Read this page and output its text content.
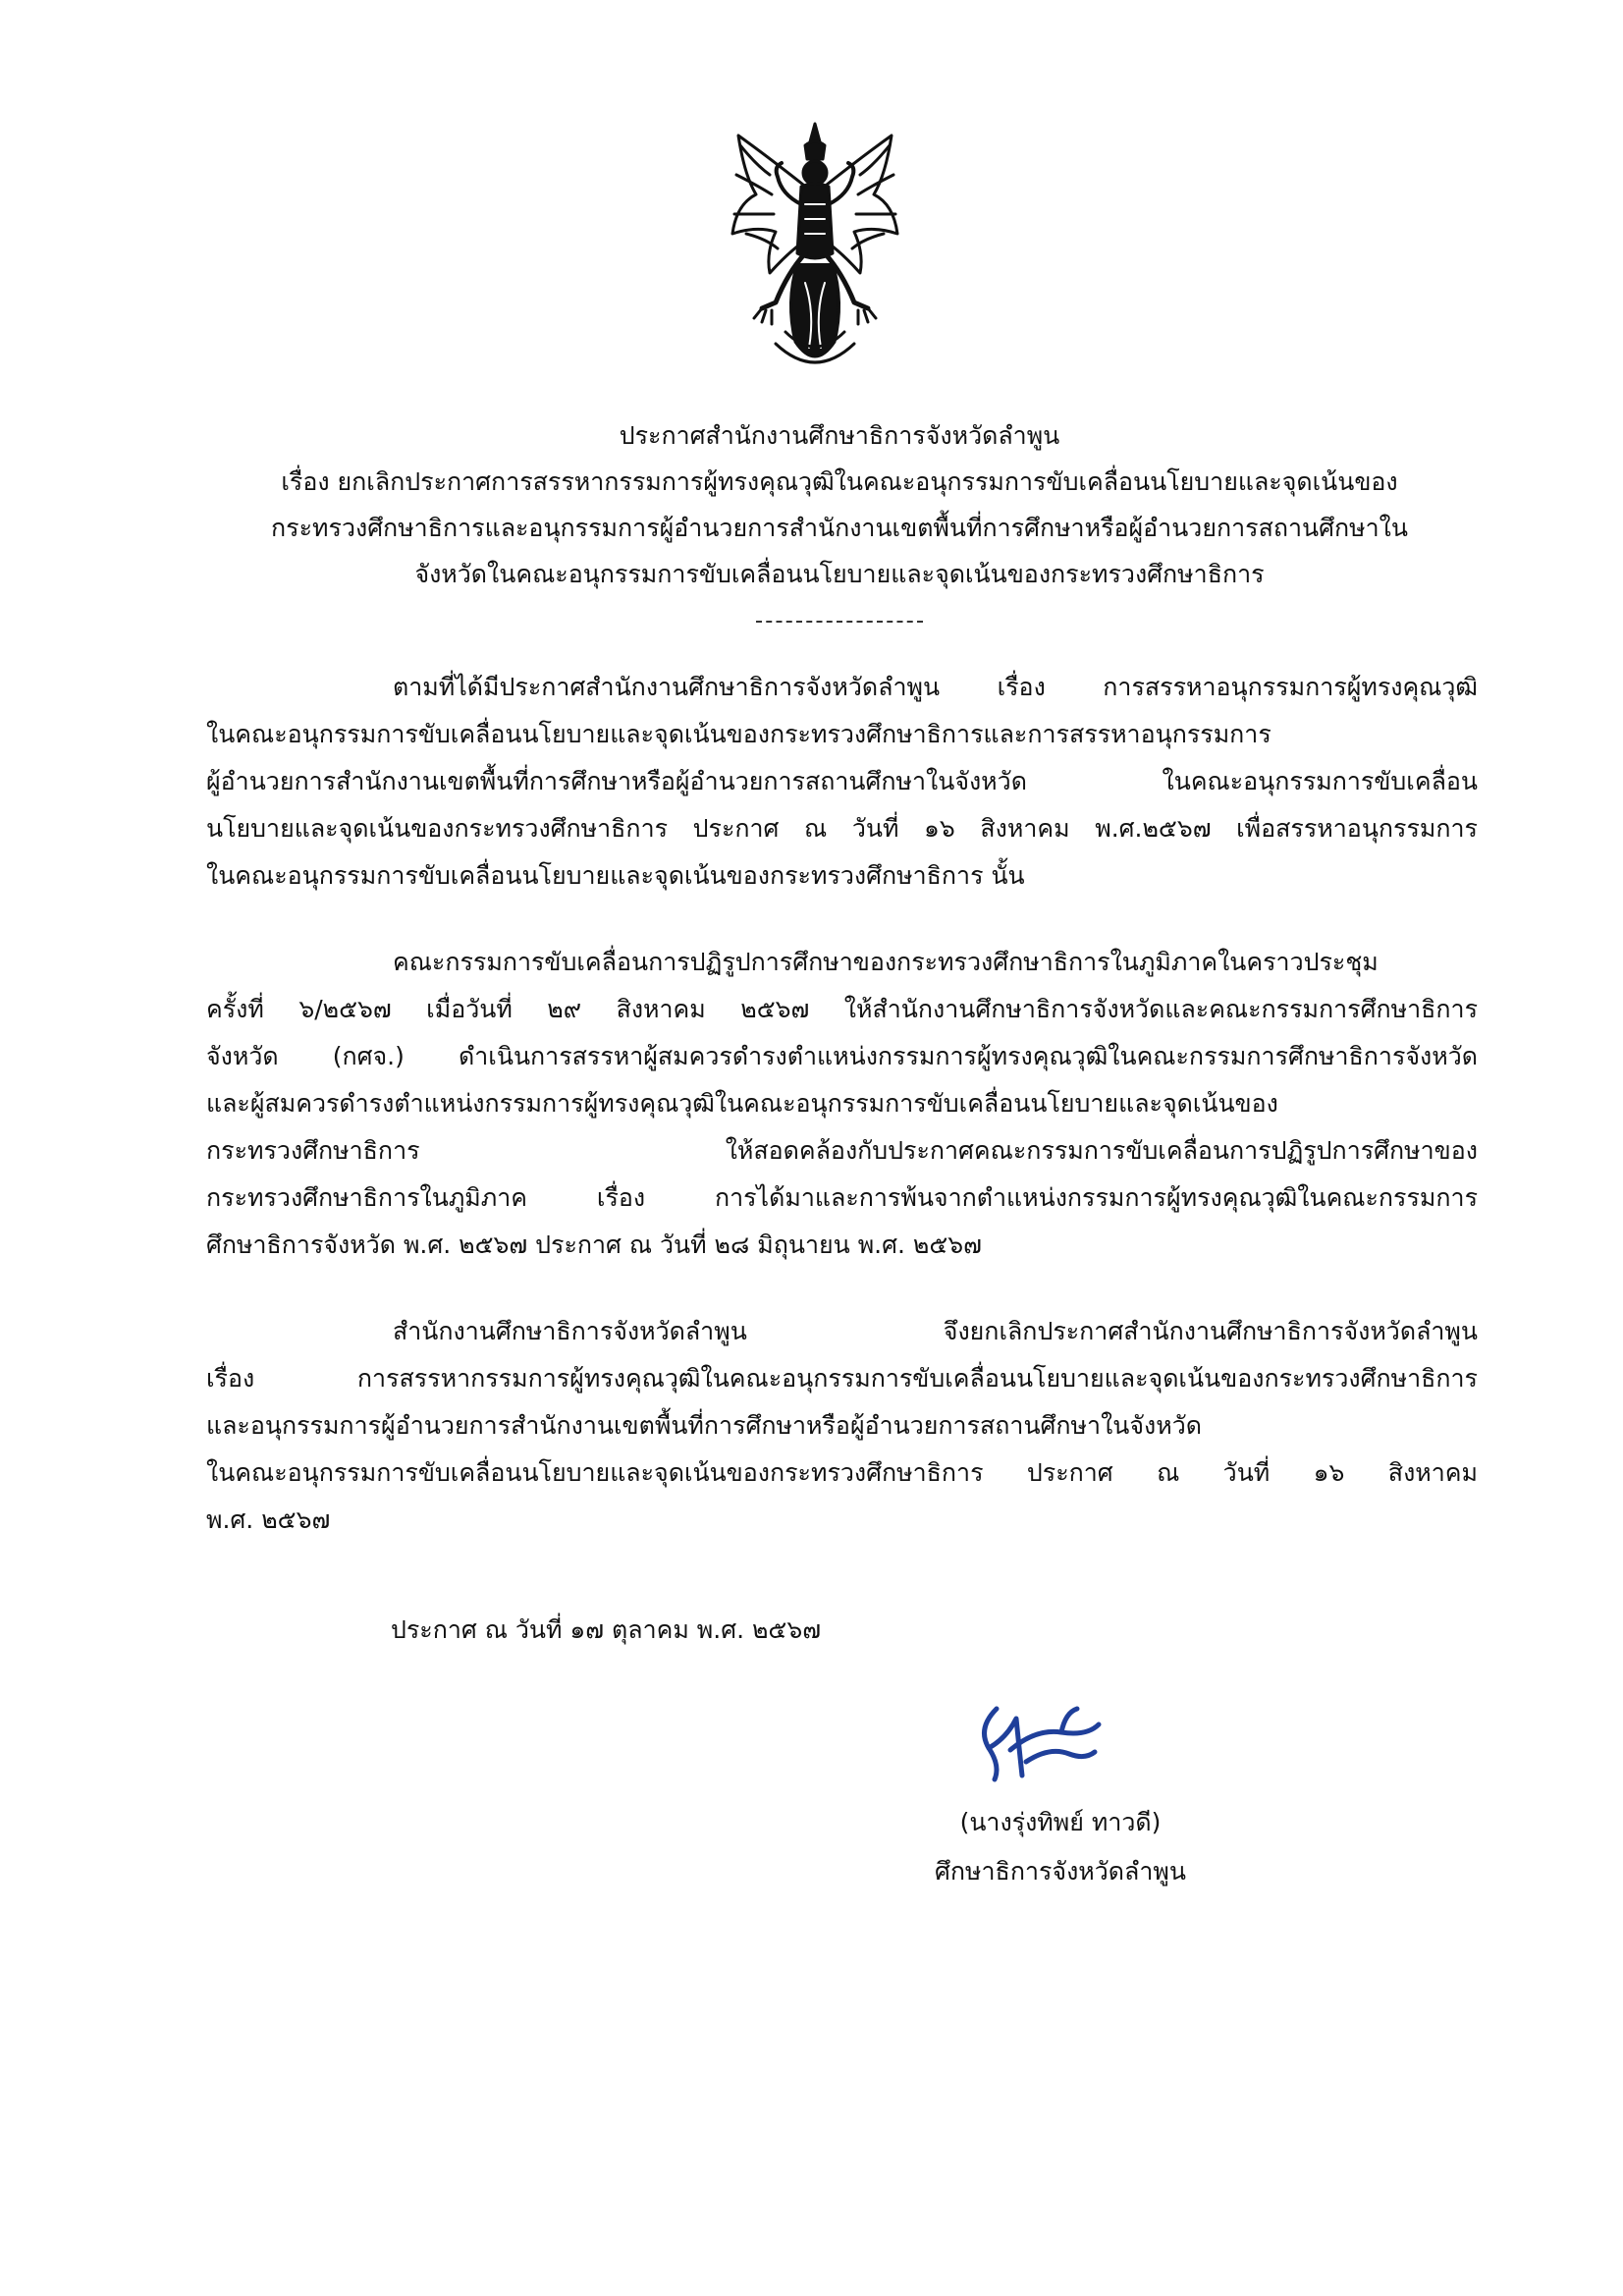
ประกาศสำนักงานศึกษาธิการจังหวัดลำพูน
เรื่อง ยกเลิกประกาศการสรรหากรรมการผู้ทรงคุณวุฒิในคณะอนุกรรมการขับเคลื่อนนโยบายและจุดเน้นของ
กระทรวงศึกษาธิการและอนุกรรมการผู้อำนวยการสำนักงานเขตพื้นที่การศึกษาหรือผู้อำนวยการสถานศึกษาใน
จังหวัดในคณะอนุกรรมการขับเคลื่อนนโยบายและจุดเน้นของกระทรวงศึกษาธิการ
ตามที่ได้มีประกาศสำนักงานศึกษาธิการจังหวัดลำพูน เรื่อง การสรรหาอนุกรรมการผู้ทรงคุณวุฒิ
ในคณะอนุกรรมการขับเคลื่อนนโยบายและจุดเน้นของกระทรวงศึกษาธิการและการสรรหาอนุกรรมการ
ผู้อำนวยการสำนักงานเขตพื้นที่การศึกษาหรือผู้อำนวยการสถานศึกษาในจังหวัด ในคณะอนุกรรมการขับเคลื่อน
นโยบายและจุดเน้นของกระทรวงศึกษาธิการ ประกาศ ณ วันที่ ๑๖ สิงหาคม พ.ศ.๒๕๖๗ เพื่อสรรหาอนุกรรมการ
ในคณะอนุกรรมการขับเคลื่อนนโยบายและจุดเน้นของกระทรวงศึกษาธิการ นั้น
คณะกรรมการขับเคลื่อนการปฏิรูปการศึกษาของกระทรวงศึกษาธิการในภูมิภาคในคราวประชุม
ครั้งที่ ๖/๒๕๖๗ เมื่อวันที่ ๒๙ สิงหาคม ๒๕๖๗ ให้สำนักงานศึกษาธิการจังหวัดและคณะกรรมการศึกษาธิการ
จังหวัด (กศจ.) ดำเนินการสรรหาผู้สมควรดำรงตำแหน่งกรรมการผู้ทรงคุณวุฒิในคณะกรรมการศึกษาธิการจังหวัด
และผู้สมควรดำรงตำแหน่งกรรมการผู้ทรงคุณวุฒิในคณะอนุกรรมการขับเคลื่อนนโยบายและจุดเน้นของ
กระทรวงศึกษาธิการ ให้สอดคล้องกับประกาศคณะกรรมการขับเคลื่อนการปฏิรูปการศึกษาของ
กระทรวงศึกษาธิการในภูมิภาค เรื่อง การได้มาและการพ้นจากตำแหน่งกรรมการผู้ทรงคุณวุฒิในคณะกรรมการ
ศึกษาธิการจังหวัด พ.ศ. ๒๕๖๗ ประกาศ ณ วันที่ ๒๘ มิถุนายน พ.ศ. ๒๕๖๗
สำนักงานศึกษาธิการจังหวัดลำพูน จึงยกเลิกประกาศสำนักงานศึกษาธิการจังหวัดลำพูน
เรื่อง การสรรหากรรมการผู้ทรงคุณวุฒิในคณะอนุกรรมการขับเคลื่อนนโยบายและจุดเน้นของกระทรวงศึกษาธิการ
และอนุกรรมการผู้อำนวยการสำนักงานเขตพื้นที่การศึกษาหรือผู้อำนวยการสถานศึกษาในจังหวัด
ในคณะอนุกรรมการขับเคลื่อนนโยบายและจุดเน้นของกระทรวงศึกษาธิการ ประกาศ ณ วันที่ ๑๖ สิงหาคม
พ.ศ. ๒๕๖๗
ประกาศ ณ วันที่ ๑๗ ตุลาคม พ.ศ. ๒๕๖๗
(นางรุ่งทิพย์ ทาวดี)
ศึกษาธิการจังหวัดลำพูน
